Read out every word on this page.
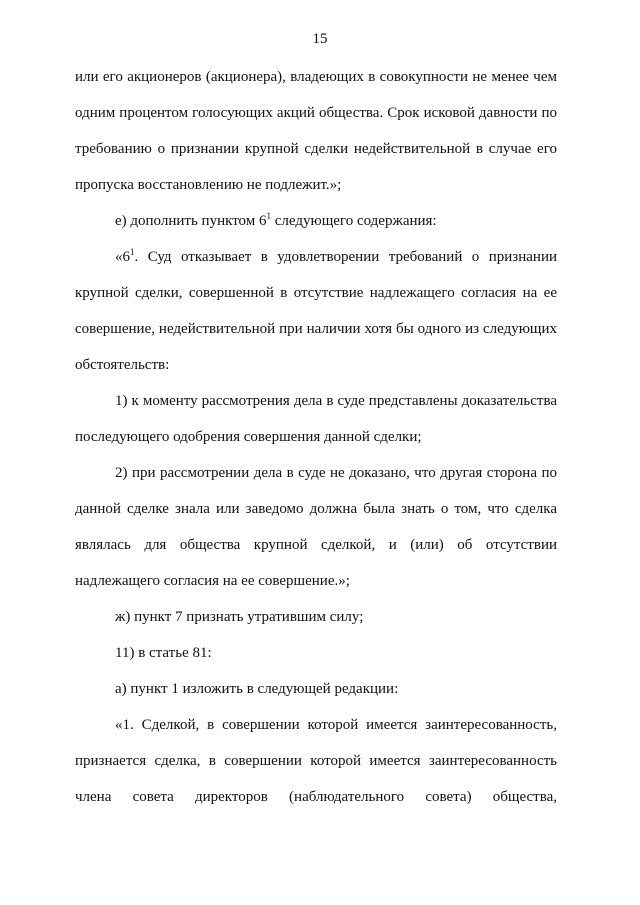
15
или его акционеров (акционера), владеющих в совокупности не менее чем
одним процентом голосующих акций общества. Срок исковой давности по
требованию о признании крупной сделки недействительной в случае его
пропуска восстановлению не подлежит.»;
е) дополнить пунктом $6^1$ следующего содержания:
«$6^1$. Суд отказывает в удовлетворении требований о признании
крупной сделки, совершенной в отсутствие надлежащего согласия на ее
совершение, недействительной при наличии хотя бы одного из следующих
обстоятельств:
1) к моменту рассмотрения дела в суде представлены доказательства
последующего одобрения совершения данной сделки;
2) при рассмотрении дела в суде не доказано, что другая сторона по
данной сделке знала или заведомо должна была знать о том, что сделка
являлась для общества крупной сделкой, и (или) об отсутствии
надлежащего согласия на ее совершение.»;
ж) пункт 7 признать утратившим силу;
11) в статье 81:
а) пункт 1 изложить в следующей редакции:
«1. Сделкой, в совершении которой имеется заинтересованность,
признается сделка, в совершении которой имеется заинтересованность
члена совета директоров (наблюдательного совета) общества,
